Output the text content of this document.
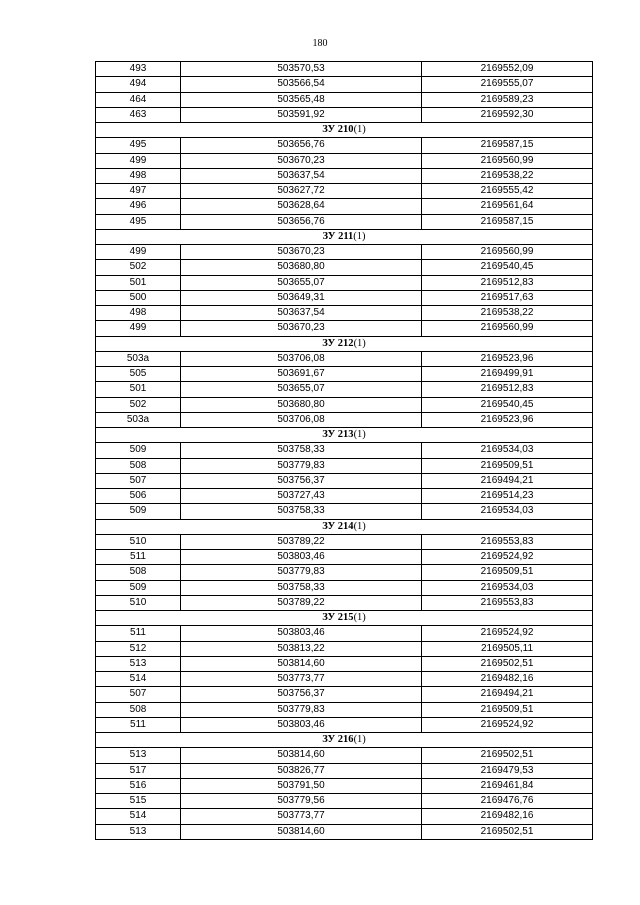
180
493	503570,53	2169552,09
494	503566,54	2169555,07
464	503565,48	2169589,23
463	503591,92	2169592,30
ЗУ 210(1)		
495	503656,76	2169587,15
499	503670,23	2169560,99
498	503637,54	2169538,22
497	503627,72	2169555,42
496	503628,64	2169561,64
495	503656,76	2169587,15
ЗУ 211(1)		
499	503670,23	2169560,99
502	503680,80	2169540,45
501	503655,07	2169512,83
500	503649,31	2169517,63
498	503637,54	2169538,22
499	503670,23	2169560,99
ЗУ 212(1)		
503а	503706,08	2169523,96
505	503691,67	2169499,91
501	503655,07	2169512,83
502	503680,80	2169540,45
503а	503706,08	2169523,96
ЗУ 213(1)		
509	503758,33	2169534,03
508	503779,83	2169509,51
507	503756,37	2169494,21
506	503727,43	2169514,23
509	503758,33	2169534,03
ЗУ 214(1)		
510	503789,22	2169553,83
511	503803,46	2169524,92
508	503779,83	2169509,51
509	503758,33	2169534,03
510	503789,22	2169553,83
ЗУ 215(1)		
511	503803,46	2169524,92
512	503813,22	2169505,11
513	503814,60	2169502,51
514	503773,77	2169482,16
507	503756,37	2169494,21
508	503779,83	2169509,51
511	503803,46	2169524,92
ЗУ 216(1)		
513	503814,60	2169502,51
517	503826,77	2169479,53
516	503791,50	2169461,84
515	503779,56	2169476,76
514	503773,77	2169482,16
513	503814,60	2169502,51
